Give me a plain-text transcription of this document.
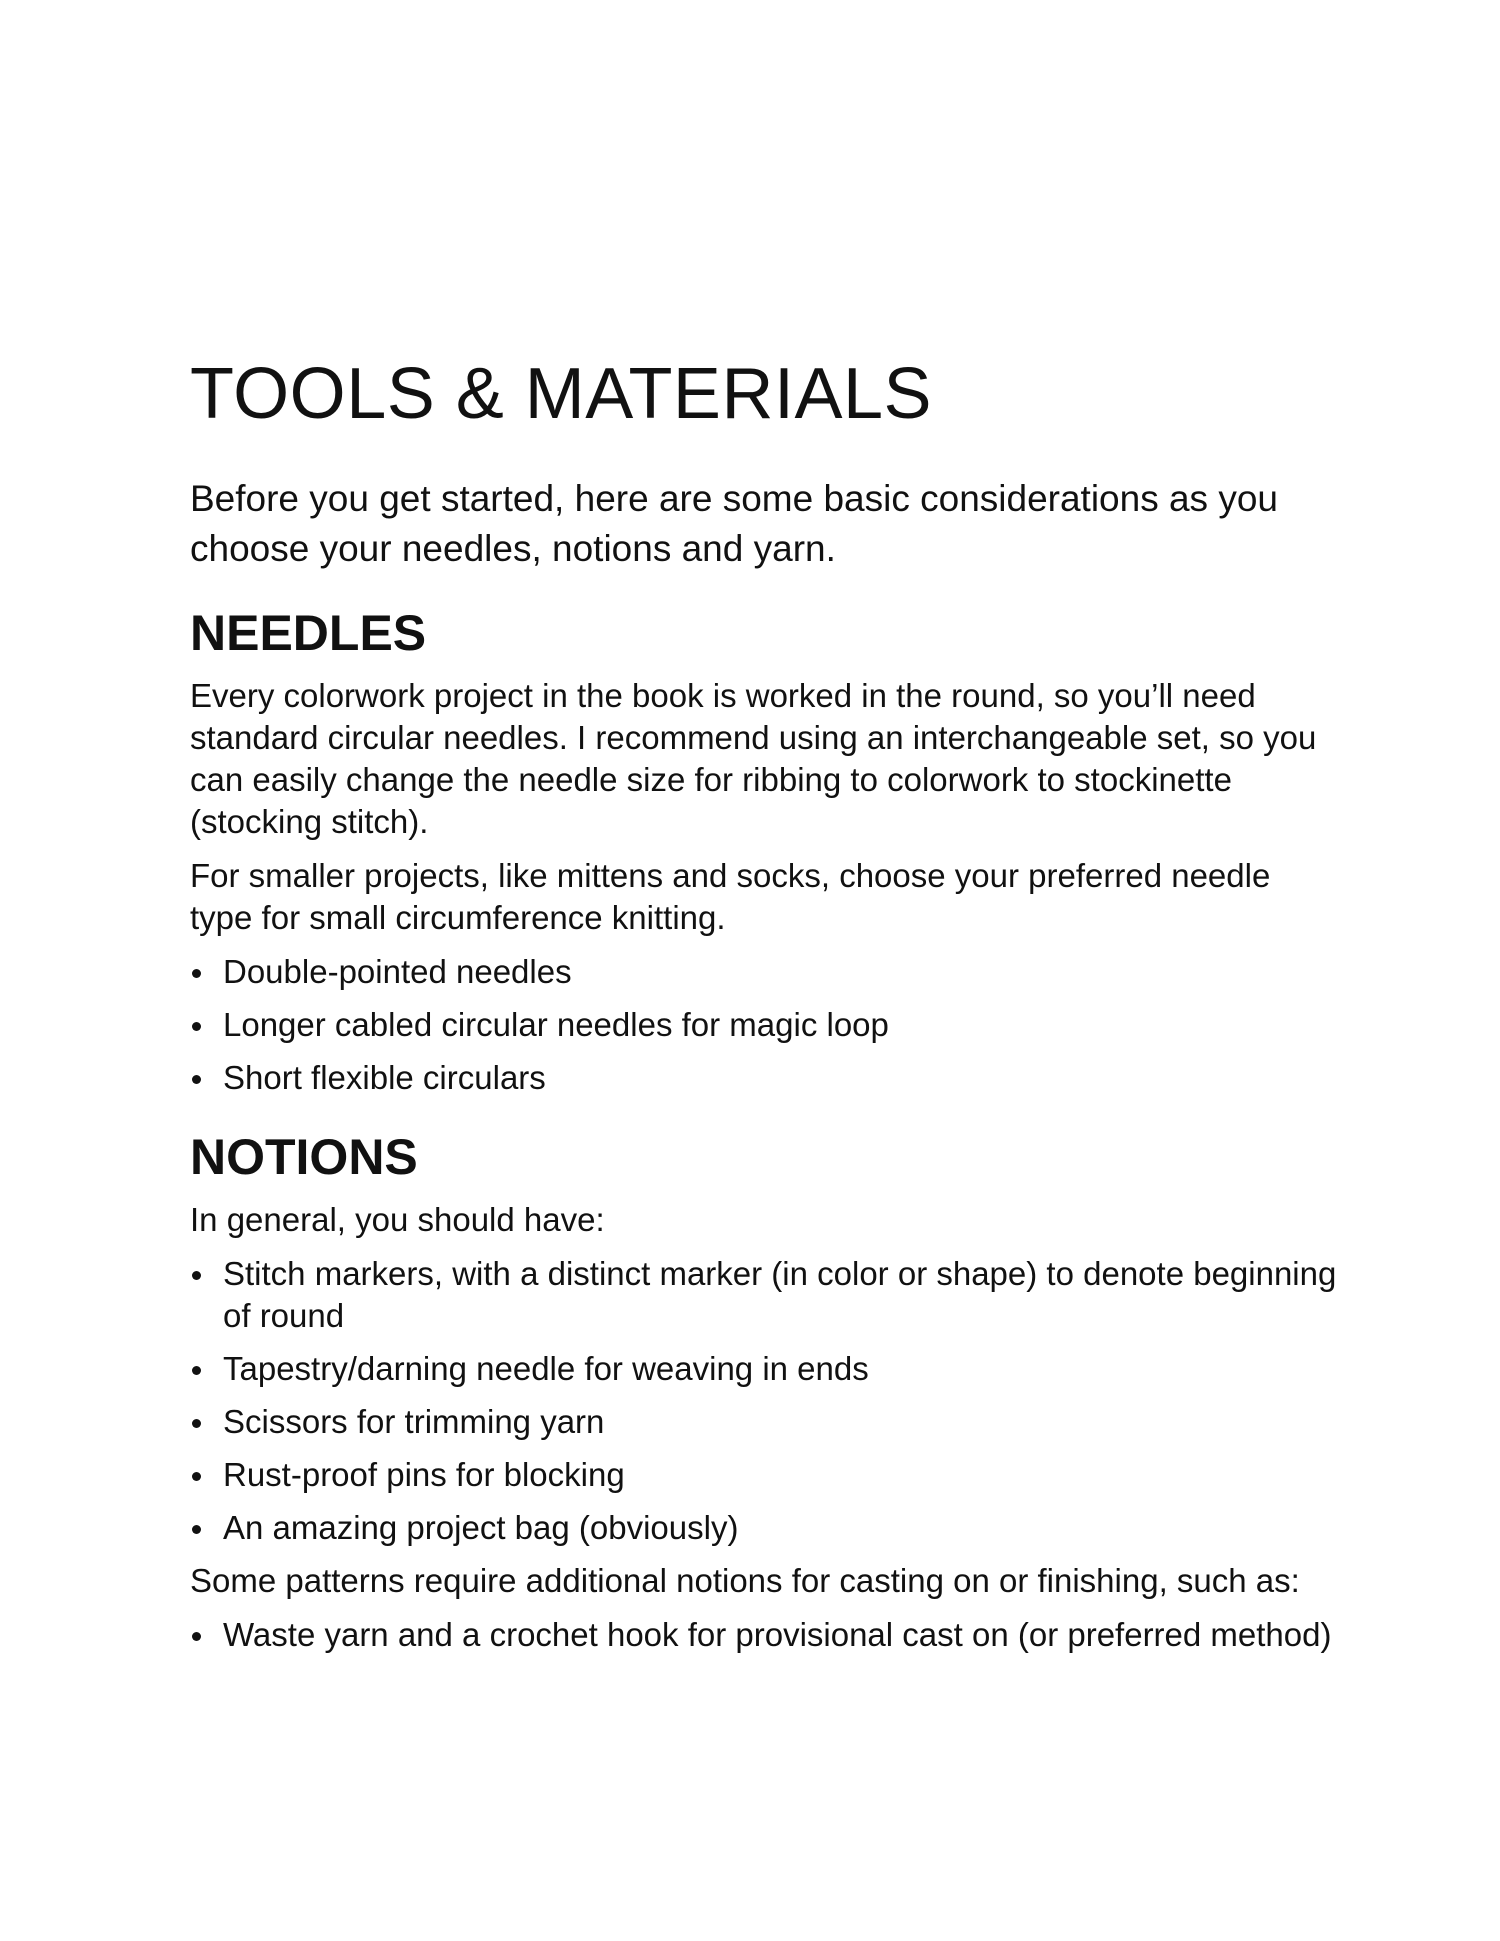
TOOLS & MATERIALS

Before you get started, here are some basic considerations as you choose your needles, notions and yarn.

NEEDLES

Every colorwork project in the book is worked in the round, so you’ll need standard circular needles. I recommend using an interchangeable set, so you can easily change the needle size for ribbing to colorwork to stockinette (stocking stitch).

For smaller projects, like mittens and socks, choose your preferred needle type for small circumference knitting.

Double-pointed needles
Longer cabled circular needles for magic loop
Short flexible circulars
NOTIONS

In general, you should have:

Stitch markers, with a distinct marker (in color or shape) to denote beginning of round
Tapestry/darning needle for weaving in ends
Scissors for trimming yarn
Rust-proof pins for blocking
An amazing project bag (obviously)

Some patterns require additional notions for casting on or finishing, such as:

Waste yarn and a crochet hook for provisional cast on (or preferred method)
